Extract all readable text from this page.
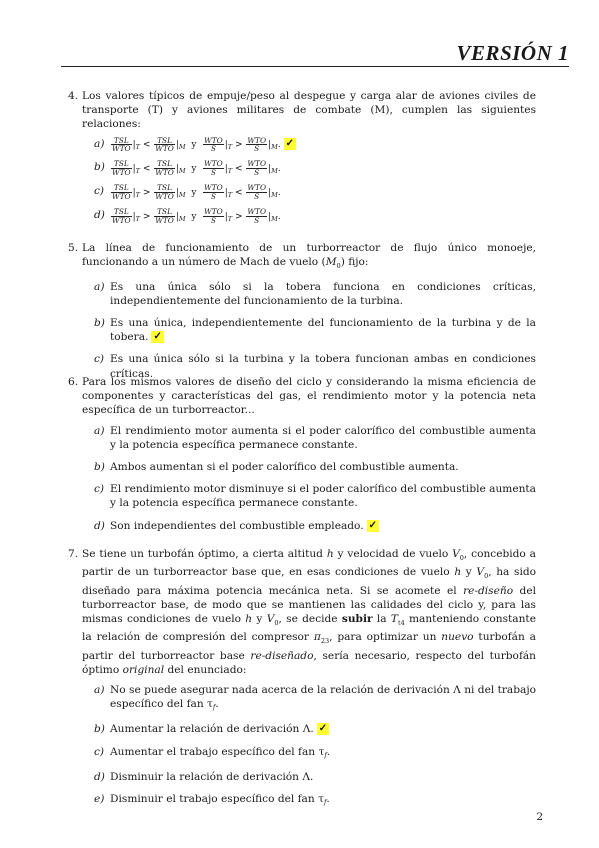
VERSIÓN 1
4. Los valores típicos de empuje/peso al despegue y carga alar de aviones civiles de transporte (T) y aviones militares de combate (M), cumplen las siguientes relaciones:
$a) \frac{\text{TSL}}{\text{WTO}} |_T < \frac{\text{TSL}}{\text{WTO}} |_M$ y $\frac{\text{WTO}}{S} |_T > \frac{\text{WTO}}{S} |_M$. ✓
$b) \frac{\text{TSL}}{\text{WTO}} |_T < \frac{\text{TSL}}{\text{WTO}} |_M$ y $\frac{\text{WTO}}{S} |_T < \frac{\text{WTO}}{S} |_M$.
$c) \frac{\text{TSL}}{\text{WTO}} |_T > \frac{\text{TSL}}{\text{WTO}} |_M$ y $\frac{\text{WTO}}{S} |_T < \frac{\text{WTO}}{S} |_M$.
$d) \frac{\text{TSL}}{\text{WTO}} |_T > \frac{\text{TSL}}{\text{WTO}} |_M$ y $\frac{\text{WTO}}{S} |_T > \frac{\text{WTO}}{S} |_M$.
5. La línea de funcionamiento de un turborreactor de flujo único monoeje, funcionando a un número de Mach de vuelo $(M_0)$ fijo:
a) Es una única sólo si la tobera funciona en condiciones críticas, independientemente del funcionamiento de la turbina.
b) Es una única, independientemente del funcionamiento de la turbina y de la tobera. ✓
c) Es una única sólo si la turbina y la tobera funcionan ambas en condiciones críticas.
6. Para los mismos valores de diseño del ciclo y considerando la misma eficiencia de componentes y características del gas, el rendimiento motor y la potencia neta específica de un turborreactor...
a) El rendimiento motor aumenta si el poder calorífico del combustible aumenta y la potencia específica permanece constante.
b) Ambos aumentan si el poder calorífico del combustible aumenta.
c) El rendimiento motor disminuye si el poder calorífico del combustible aumenta y la potencia específica permanece constante.
d) Son independientes del combustible empleado. ✓
7. Se tiene un turbofán óptimo, a cierta altitud h y velocidad de vuelo $V_0$, concebido a partir de un turborreactor base que, en esas condiciones de vuelo h y $V_0$, ha sido diseñado para máxima potencia mecánica neta. Si se acomete el re-diseño del turborreactor base, de modo que se mantienen las calidades del ciclo y, para las mismas condiciones de vuelo h y $V_0$, se decide subir la $T_{t4}$ manteniendo constante la relación de compresión del compresor $\pi_{23}$, para optimizar un nuevo turbofán a partir del turborreactor base re-diseñado, sería necesario, respecto del turbofán óptimo original del enunciado:
a) No se puede asegurar nada acerca de la relación de derivación Λ ni del trabajo específico del fan $\tau_f$.
b) Aumentar la relación de derivación Λ. ✓
c) Aumentar el trabajo específico del fan $\tau_f$.
d) Disminuir la relación de derivación Λ.
e) Disminuir el trabajo específico del fan $\tau_f$.
2
